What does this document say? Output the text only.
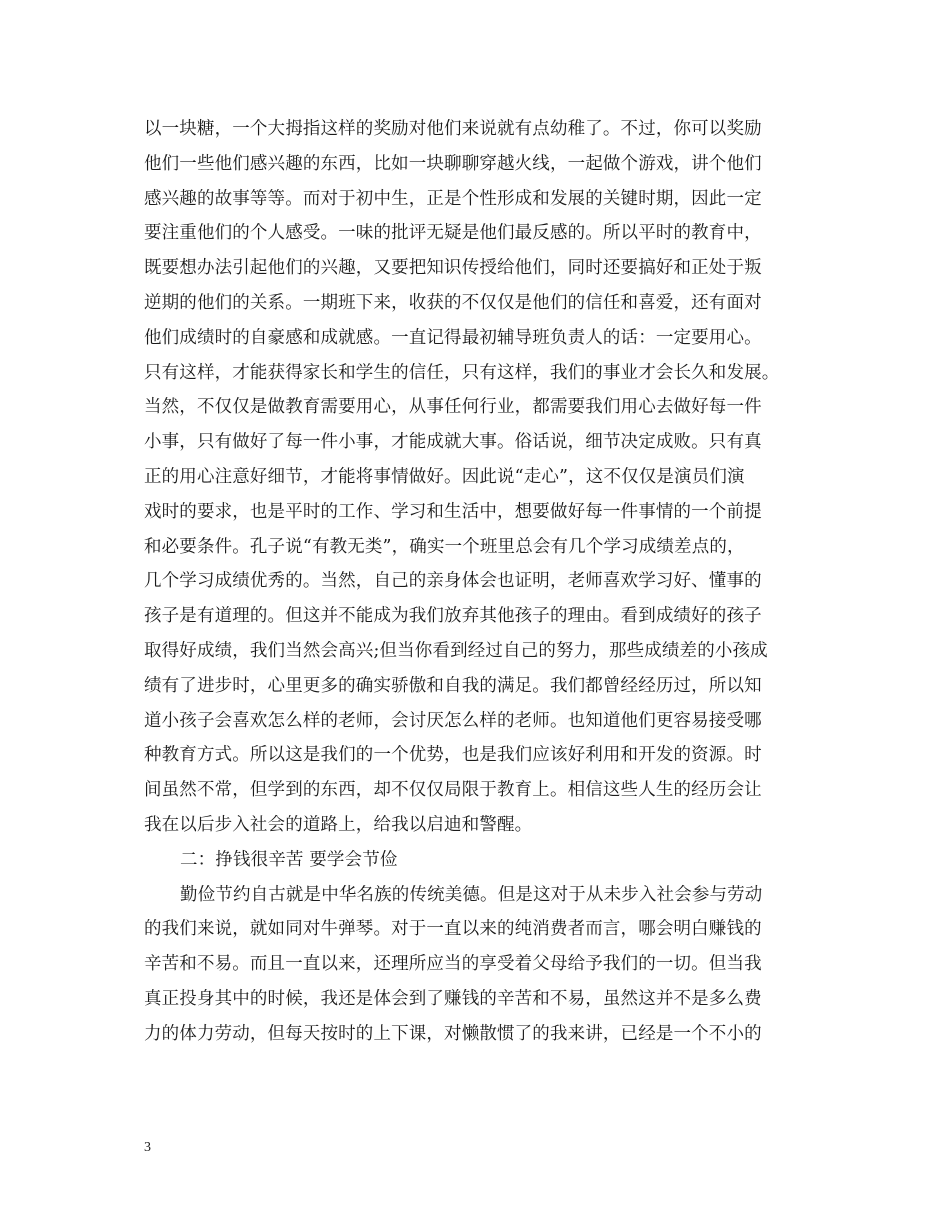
以一块糖，一个大拇指这样的奖励对他们来说就有点幼稚了。不过，你可以奖励
他们一些他们感兴趣的东西，比如一块聊聊穿越火线，一起做个游戏，讲个他们
感兴趣的故事等等。而对于初中生，正是个性形成和发展的关键时期，因此一定
要注重他们的个人感受。一味的批评无疑是他们最反感的。所以平时的教育中，
既要想办法引起他们的兴趣，又要把知识传授给他们，同时还要搞好和正处于叛
逆期的他们的关系。一期班下来，收获的不仅仅是他们的信任和喜爱，还有面对
他们成绩时的自豪感和成就感。一直记得最初辅导班负责人的话：一定要用心。
只有这样，才能获得家长和学生的信任，只有这样，我们的事业才会长久和发展。
当然，不仅仅是做教育需要用心，从事任何行业，都需要我们用心去做好每一件
小事，只有做好了每一件小事，才能成就大事。俗话说，细节决定成败。只有真
正的用心注意好细节，才能将事情做好。因此说“走心”，这不仅仅是演员们演
戏时的要求，也是平时的工作、学习和生活中，想要做好每一件事情的一个前提
和必要条件。孔子说“有教无类”，确实一个班里总会有几个学习成绩差点的，
几个学习成绩优秀的。当然，自己的亲身体会也证明，老师喜欢学习好、懂事的
孩子是有道理的。但这并不能成为我们放弃其他孩子的理由。看到成绩好的孩子
取得好成绩，我们当然会高兴;但当你看到经过自己的努力，那些成绩差的小孩成
绩有了进步时，心里更多的确实骄傲和自我的满足。我们都曾经经历过，所以知
道小孩子会喜欢怎么样的老师，会讨厌怎么样的老师。也知道他们更容易接受哪
种教育方式。所以这是我们的一个优势，也是我们应该好利用和开发的资源。时
间虽然不常，但学到的东西，却不仅仅局限于教育上。相信这些人生的经历会让
我在以后步入社会的道路上，给我以启迪和警醒。
二：挣钱很辛苦 要学会节俭
勤俭节约自古就是中华名族的传统美德。但是这对于从未步入社会参与劳动
的我们来说，就如同对牛弹琴。对于一直以来的纯消费者而言，哪会明白赚钱的
辛苦和不易。而且一直以来，还理所应当的享受着父母给予我们的一切。但当我
真正投身其中的时候，我还是体会到了赚钱的辛苦和不易，虽然这并不是多么费
力的体力劳动，但每天按时的上下课，对懒散惯了的我来讲，已经是一个不小的
3
